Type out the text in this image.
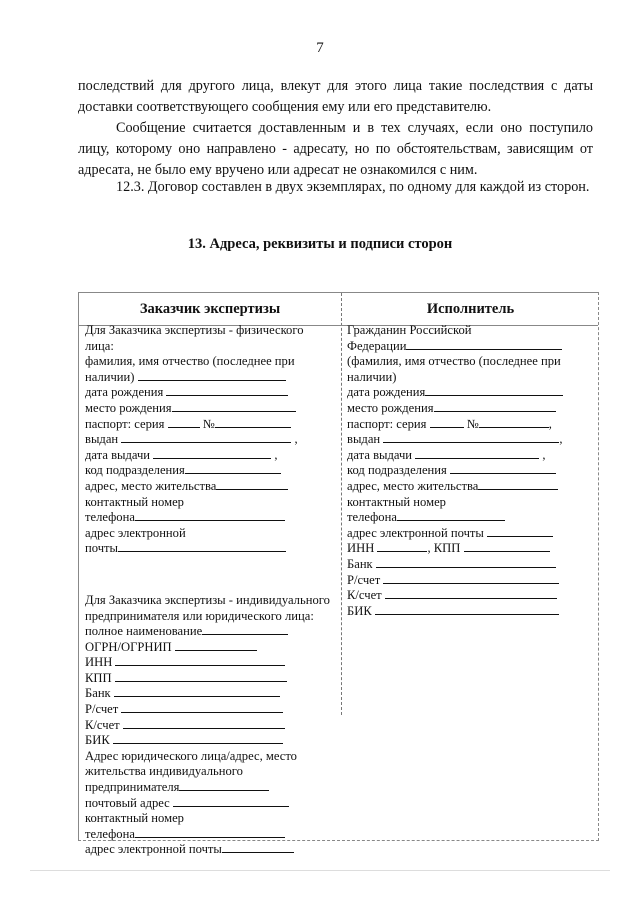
7
последствий для другого лица, влекут для этого лица такие последствия с даты доставки соответствующего сообщения ему или его представителю.
Сообщение считается доставленным и в тех случаях, если оно поступило лицу, которому оно направлено - адресату, но по обстоятельствам, зависящим от адресата, не было ему вручено или адресат не ознакомился с ним.
12.3. Договор составлен в двух экземплярах, по одному для каждой из сторон.
13. Адреса, реквизиты и подписи сторон
Заказчик экспертизы	Исполнитель
Для Заказчика экспертизы - физического
лица:
фамилия, имя отчество (последнее при
наличии)
дата рождения
место рождения
паспорт: серия	№
выдан	,
дата выдачи	,
код подразделения
адрес, место жительства
контактный номер
телефона
адрес электронной
почты
Для Заказчика экспертизы - индивидуального
предпринимателя или юридического лица:
полное наименование
ОГРН/ОГРНИП
ИНН
КПП
Банк
Р/счет
К/счет
БИК
Адрес юридического лица/адрес, место
жительства индивидуального
предпринимателя
почтовый адрес
контактный номер
телефона
адрес электронной почты
Гражданин Российской
Федерации
(фамилия, имя отчество (последнее при
наличии)
дата рождения
место рождения
паспорт: серия	№	,
выдан	,
дата выдачи	,
код подразделения
адрес, место жительства
контактный номер
телефона
адрес электронной почты
ИНН	, КПП
Банк
Р/счет
К/счет
БИК
